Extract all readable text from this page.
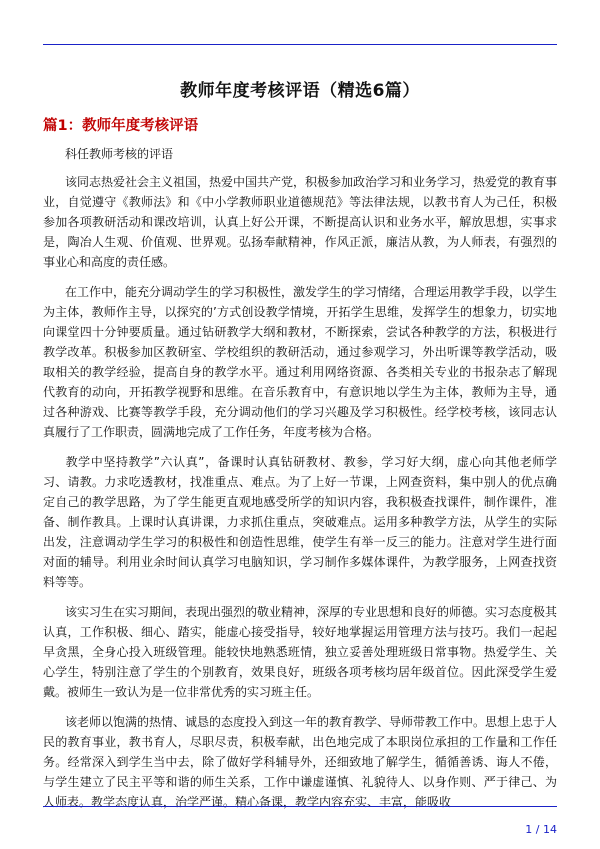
教师年度考核评语（精选6篇）
篇1：教师年度考核评语

科任教师考核的评语

该同志热爱社会主义祖国，热爱中国共产党，积极参加政治学习和业务学习，热爱党的教育事业，自觉遵守《教师法》和《中小学教师职业道德规范》等法律法规，以教书育人为己任，积极参加各项教研活动和课改培训，认真上好公开课，不断提高认识和业务水平，解放思想，实事求是，陶冶人生观、价值观、世界观。弘扬奉献精神，作风正派，廉洁从教，为人师表，有强烈的事业心和高度的责任感。

在工作中，能充分调动学生的学习积极性，激发学生的学习情绪，合理运用教学手段，以学生为主体，教师作主导，以探究的’方式创设教学情境，开拓学生思维，发挥学生的想象力，切实地向课堂四十分钟要质量。通过钻研教学大纲和教材，不断探索，尝试各种教学的方法，积极进行教学改革。积极参加区教研室、学校组织的教研活动，通过参观学习，外出听课等教学活动，吸取相关的教学经验，提高自身的教学水平。通过利用网络资源、各类相关专业的书报杂志了解现代教育的动向，开拓教学视野和思维。在音乐教育中，有意识地以学生为主体，教师为主导，通过各种游戏、比赛等教学手段，充分调动他们的学习兴趣及学习积极性。经学校考核，该同志认真履行了工作职责，圆满地完成了工作任务，年度考核为合格。

教学中坚持教学”六认真”，备课时认真钻研教材、教参，学习好大纲，虚心向其他老师学习、请教。力求吃透教材，找准重点、难点。为了上好一节课，上网查资料，集中别人的优点确定自己的教学思路，为了学生能更直观地感受所学的知识内容，我积极查找课件，制作课件，准备、制作教具。上课时认真讲课，力求抓住重点，突破难点。运用多种教学方法，从学生的实际出发，注意调动学生学习的积极性和创造性思维，使学生有举一反三的能力。注意对学生进行面对面的辅导。利用业余时间认真学习电脑知识，学习制作多媒体课件，为教学服务，上网查找资料等等。

该实习生在实习期间，表现出强烈的敬业精神，深厚的专业思想和良好的师德。实习态度极其认真，工作积极、细心、踏实，能虚心接受指导，较好地掌握运用管理方法与技巧。我们一起起早贪黑，全身心投入班级管理。能较快地熟悉班情，独立妥善处理班级日常事物。热爱学生、关心学生，特别注意了学生的个别教育，效果良好，班级各项考核均居年级首位。因此深受学生爱戴。被师生一致认为是一位非常优秀的实习班主任。

该老师以饱满的热情、诚恳的态度投入到这一年的教育教学、导师带教工作中。思想上忠于人民的教育事业，教书育人，尽职尽责，积极奉献，出色地完成了本职岗位承担的工作量和工作任务。经常深入到学生当中去，除了做好学科辅导外，还细致地了解学生，循循善诱、诲人不倦，与学生建立了民主平等和谐的师生关系，工作中谦虚谨慎、礼貌待人、以身作则、严于律己、为人师表。教学态度认真，治学严谨。精心备课，教学内容充实、丰富，能吸收

1 / 14
